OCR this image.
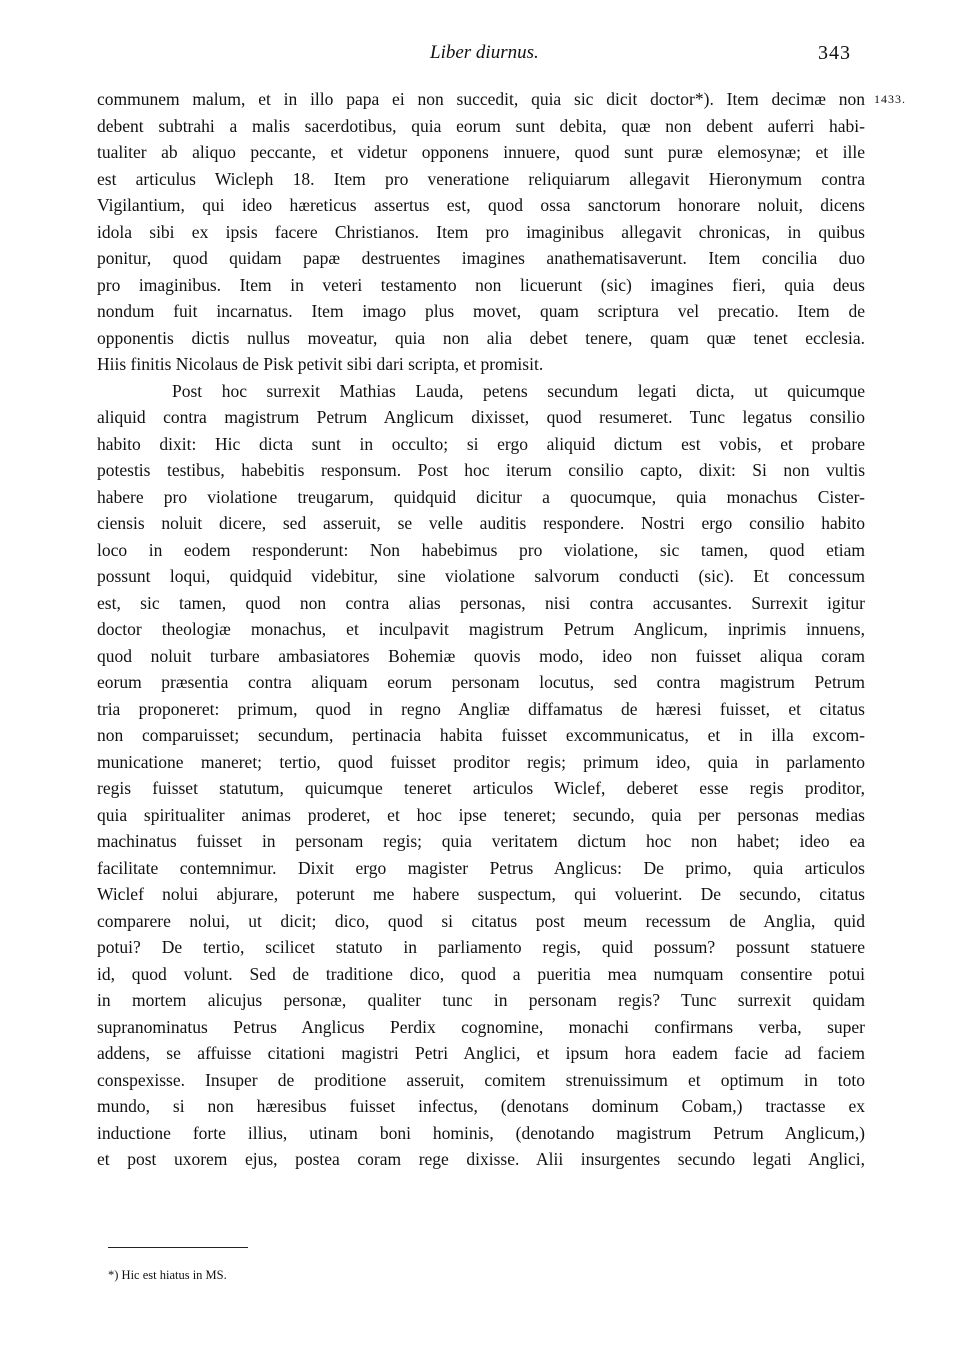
Liber diurnus.	343
1433.
communem malum, et in illo papa ei non succedit, quia sic dicit doctor*). Item decimæ non
debent subtrahi a malis sacerdotibus, quia eorum sunt debita, quæ non debent auferri habi-
tualiter ab aliquo peccante, et videtur opponens innuere, quod sunt puræ elemosynæ; et ille
est articulus Wicleph 18. Item pro veneratione reliquiarum allegavit Hieronymum contra
Vigilantium, qui ideo hæreticus assertus est, quod ossa sanctorum honorare noluit, dicens
idola sibi ex ipsis facere Christianos. Item pro imaginibus allegavit chronicas, in quibus
ponitur, quod quidam papæ destruentes imagines anathematisaverunt. Item concilia duo
pro imaginibus. Item in veteri testamento non licuerunt (sic) imagines fieri, quia deus
nondum fuit incarnatus. Item imago plus movet, quam scriptura vel precatio. Item de
opponentis dictis nullus moveatur, quia non alia debet tenere, quam quæ tenet ecclesia.
Hiis finitis Nicolaus de Pisk petivit sibi dari scripta, et promisit.
Post hoc surrexit Mathias Lauda, petens secundum legati dicta, ut quicumque
aliquid contra magistrum Petrum Anglicum dixisset, quod resumeret. Tunc legatus consilio
habito dixit: Hic dicta sunt in occulto; si ergo aliquid dictum est vobis, et probare
potestis testibus, habebitis responsum. Post hoc iterum consilio capto, dixit: Si non vultis
habere pro violatione treugarum, quidquid dicitur a quocumque, quia monachus Cister-
ciensis noluit dicere, sed asseruit, se velle auditis respondere. Nostri ergo consilio habito
loco in eodem responderunt: Non habebimus pro violatione, sic tamen, quod etiam
possunt loqui, quidquid videbitur, sine violatione salvorum conducti (sic). Et concessum
est, sic tamen, quod non contra alias personas, nisi contra accusantes. Surrexit igitur
doctor theologiæ monachus, et inculpavit magistrum Petrum Anglicum, inprimis innuens,
quod noluit turbare ambasiatores Bohemiæ quovis modo, ideo non fuisset aliqua coram
eorum præsentia contra aliquam eorum personam locutus, sed contra magistrum Petrum
tria proponeret: primum, quod in regno Angliæ diffamatus de hæresi fuisset, et citatus
non comparuisset; secundum, pertinacia habita fuisset excommunicatus, et in illa excom-
municatione maneret; tertio, quod fuisset proditor regis; primum ideo, quia in parlamento
regis fuisset statutum, quicumque teneret articulos Wiclef, deberet esse regis proditor,
quia spiritualiter animas proderet, et hoc ipse teneret; secundo, quia per personas medias
machinatus fuisset in personam regis; quia veritatem dictum hoc non habet; ideo ea
facilitate contemnimur. Dixit ergo magister Petrus Anglicus: De primo, quia articulos
Wiclef nolui abjurare, poterunt me habere suspectum, qui voluerint. De secundo, citatus
comparere nolui, ut dicit; dico, quod si citatus post meum recessum de Anglia, quid
potui? De tertio, scilicet statuto in parliamento regis, quid possum? possunt statuere
id, quod volunt. Sed de traditione dico, quod a pueritia mea numquam consentire potui
in mortem alicujus personæ, qualiter tunc in personam regis? Tunc surrexit quidam
supranominatus Petrus Anglicus Perdix cognomine, monachi confirmans verba, super
addens, se affuisse citationi magistri Petri Anglici, et ipsum hora eadem facie ad faciem
conspexisse. Insuper de proditione asseruit, comitem strenuissimum et optimum in toto
mundo, si non hæresibus fuisset infectus, (denotans dominum Cobam,) tractasse ex
inductione forte illius, utinam boni hominis, (denotando magistrum Petrum Anglicum,)
et post uxorem ejus, postea coram rege dixisse. Alii insurgentes secundo legati Anglici,
*) Hic est hiatus in MS.
